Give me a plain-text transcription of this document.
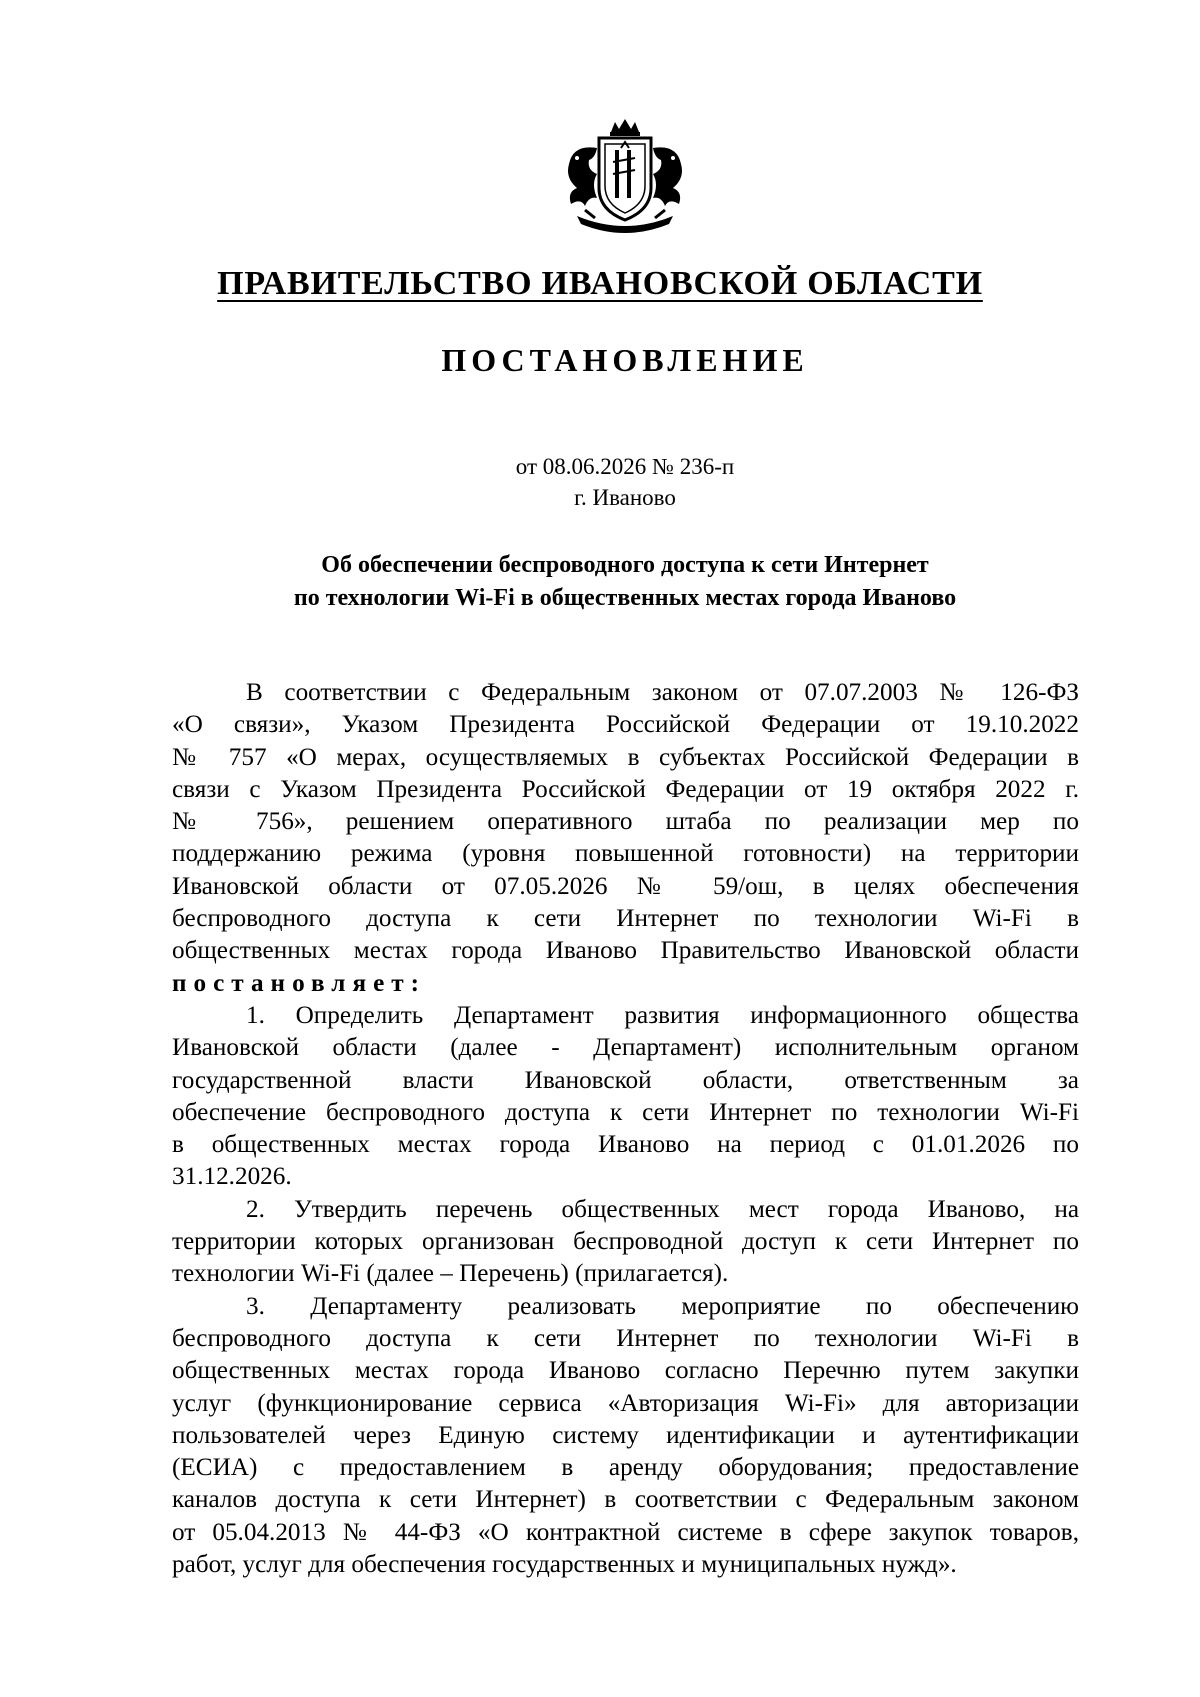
ПРАВИТЕЛЬСТВО ИВАНОВСКОЙ ОБЛАСТИ
ПОСТАНОВЛЕНИЕ
от 08.06.2026 № 236-п
г. Иваново
Об обеспечении беспроводного доступа к сети Интернет
по технологии Wi-Fi в общественных местах города Иваново
В соответствии с Федеральным законом от 07.07.2003 № 126-ФЗ
«О связи», Указом Президента Российской Федерации от 19.10.2022
№ 757 «О мерах, осуществляемых в субъектах Российской Федерации в
связи с Указом Президента Российской Федерации от 19 октября 2022 г.
№ 756», решением оперативного штаба по реализации мер по
поддержанию режима (уровня повышенной готовности) на территории
Ивановской области от 07.05.2026 № 59/ош, в целях обеспечения
беспроводного доступа к сети Интернет по технологии Wi-Fi в
общественных местах города Иваново Правительство Ивановской области
постановляет:
1. Определить Департамент развития информационного общества
Ивановской области (далее - Департамент) исполнительным органом
государственной власти Ивановской области, ответственным за
обеспечение беспроводного доступа к сети Интернет по технологии Wi-Fi
в общественных местах города Иваново на период с 01.01.2026 по
31.12.2026.
2. Утвердить перечень общественных мест города Иваново, на
территории которых организован беспроводной доступ к сети Интернет по
технологии Wi-Fi (далее – Перечень) (прилагается).
3. Департаменту реализовать мероприятие по обеспечению
беспроводного доступа к сети Интернет по технологии Wi-Fi в
общественных местах города Иваново согласно Перечню путем закупки
услуг (функционирование сервиса «Авторизация Wi-Fi» для авторизации
пользователей через Единую систему идентификации и аутентификации
(ЕСИА) с предоставлением в аренду оборудования; предоставление
каналов доступа к сети Интернет) в соответствии с Федеральным законом
от 05.04.2013 № 44-ФЗ «О контрактной системе в сфере закупок товаров,
работ, услуг для обеспечения государственных и муниципальных нужд».
